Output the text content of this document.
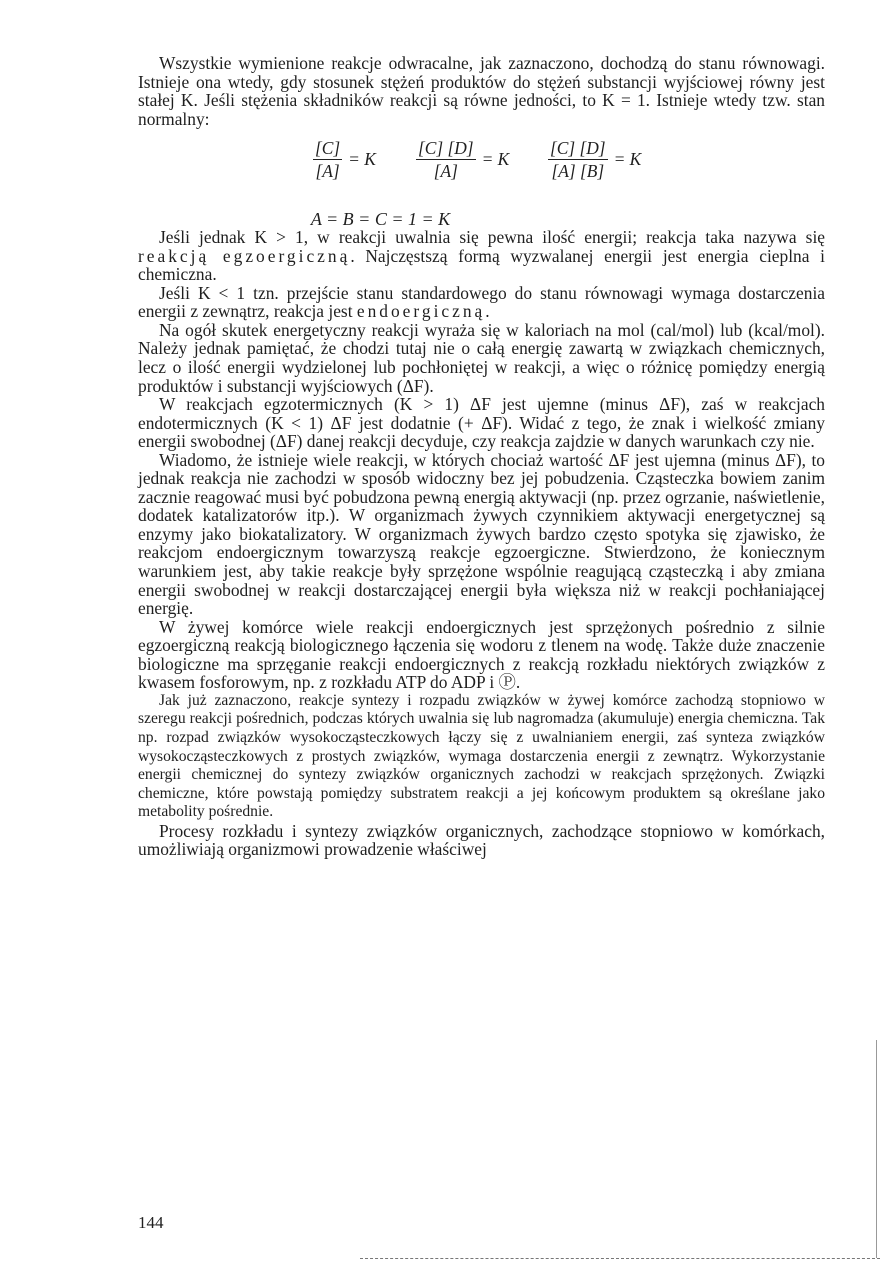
Wszystkie wymienione reakcje odwracalne, jak zaznaczono, dochodzą do stanu równowagi. Istnieje ona wtedy, gdy stosunek stężeń produktów do stężeń substancji wyjściowej równy jest stałej K. Jeśli stężenia składników reakcji są równe jedności, to K = 1. Istnieje wtedy tzw. stan normalny:

$\frac{[C]}{[A]} = K \frac{[C] [D]}{[A]} = K \frac{[C] [D]}{[A] [B]} = K$
A = B = C = 1 = K

Jeśli jednak K > 1, w reakcji uwalnia się pewna ilość energii; reakcja taka nazywa się reakcją egzoergiczną. Najczęstszą formą wyzwalanej energii jest energia cieplna i chemiczna.

Jeśli K < 1 tzn. przejście stanu standardowego do stanu równowagi wymaga dostarczenia energii z zewnątrz, reakcja jest endoergiczną.

Na ogół skutek energetyczny reakcji wyraża się w kaloriach na mol (cal/mol) lub (kcal/mol). Należy jednak pamiętać, że chodzi tutaj nie o całą energię zawartą w związkach chemicznych, lecz o ilość energii wydzielonej lub pochłoniętej w reakcji, a więc o różnicę pomiędzy energią produktów i substancji wyjściowych (ΔF).

W reakcjach egzotermicznych (K > 1) ΔF jest ujemne (minus ΔF), zaś w reakcjach endotermicznych (K < 1) ΔF jest dodatnie (+ ΔF). Widać z tego, że znak i wielkość zmiany energii swobodnej (ΔF) danej reakcji decyduje, czy reakcja zajdzie w danych warunkach czy nie.

Wiadomo, że istnieje wiele reakcji, w których chociaż wartość ΔF jest ujemna (minus ΔF), to jednak reakcja nie zachodzi w sposób widoczny bez jej pobudzenia. Cząsteczka bowiem zanim zacznie reagować musi być pobudzona pewną energią aktywacji (np. przez ogrzanie, naświetlenie, dodatek katalizatorów itp.). W organizmach żywych czynnikiem aktywacji energetycznej są enzymy jako biokatalizatory. W organizmach żywych bardzo często spotyka się zjawisko, że reakcjom endoergicznym towarzyszą reakcje egzoergiczne. Stwierdzono, że koniecznym warunkiem jest, aby takie reakcje były sprzężone wspólnie reagującą cząsteczką i aby zmiana energii swobodnej w reakcji dostarczającej energii była większa niż w reakcji pochłaniającej energię.

W żywej komórce wiele reakcji endoergicznych jest sprzężonych pośrednio z silnie egzoergiczną reakcją biologicznego łączenia się wodoru z tlenem na wodę. Także duże znaczenie biologiczne ma sprzęganie reakcji endoergicznych z reakcją rozkładu niektórych związków z kwasem fosforowym, np. z rozkładu ATP do ADP i Ⓟ.

Jak już zaznaczono, reakcje syntezy i rozpadu związków w żywej komórce zachodzą stopniowo w szeregu reakcji pośrednich, podczas których uwalnia się lub nagromadza (akumuluje) energia chemiczna. Tak np. rozpad związków wysokocząsteczkowych łączy się z uwalnianiem energii, zaś synteza związków wysokocząsteczkowych z prostych związków, wymaga dostarczenia energii z zewnątrz. Wykorzystanie energii chemicznej do syntezy związków organicznych zachodzi w reakcjach sprzężonych. Związki chemiczne, które powstają pomiędzy substratem reakcji a jej końcowym produktem są określane jako metabolity pośrednie.

Procesy rozkładu i syntezy związków organicznych, zachodzące stopniowo w komórkach, umożliwiają organizmowi prowadzenie właściwej

144
